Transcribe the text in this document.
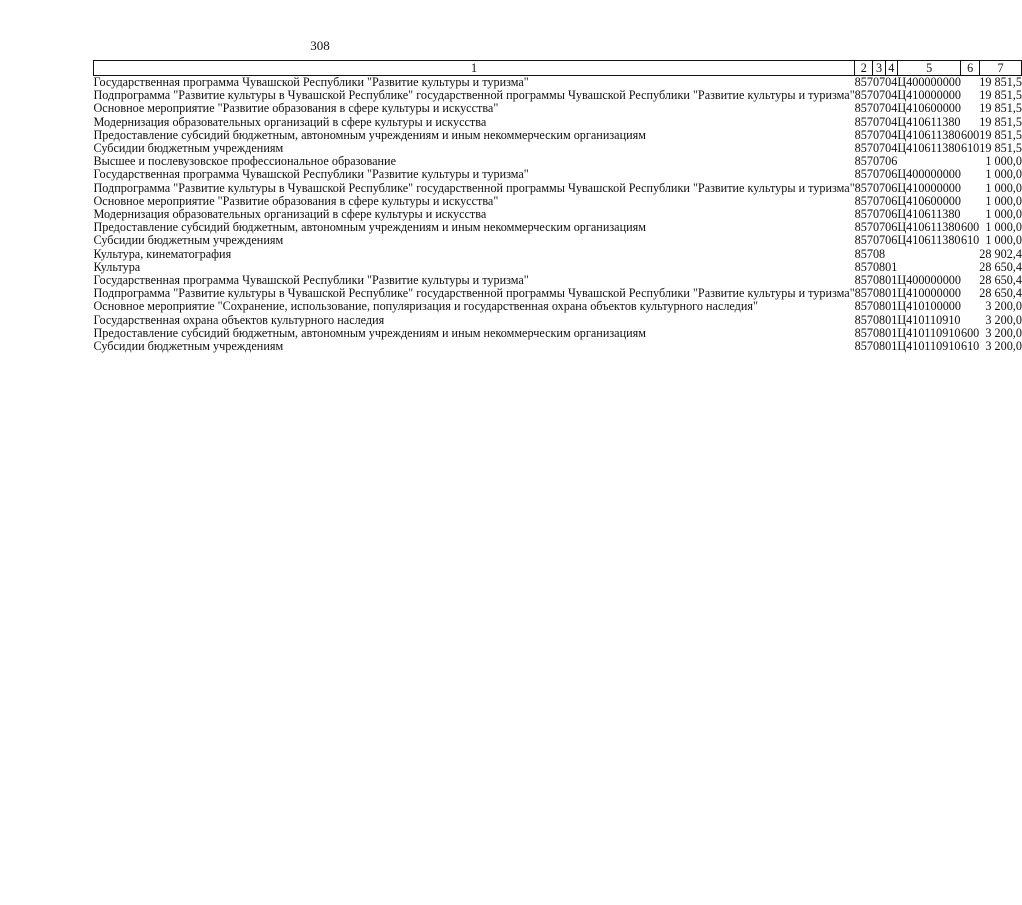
308
1	2	3	4	5	6	7
Государственная программа Чувашской Республики "Развитие культуры и туризма"	857	07	04	Ц400000000		19 851,5
Подпрограмма "Развитие культуры в Чувашской Республике" государственной программы Чувашской Республики "Развитие культуры и туризма"	857	07	04	Ц410000000		19 851,5
Основное мероприятие "Развитие образования в сфере культуры и искусства"	857	07	04	Ц410600000		19 851,5
Модернизация образовательных организаций в сфере культуры и искусства	857	07	04	Ц410611380		19 851,5
Предоставление субсидий бюджетным, автономным учреждениям и иным некоммерческим организациям	857	07	04	Ц410611380	600	19 851,5
Субсидии бюджетным учреждениям	857	07	04	Ц410611380	610	19 851,5
Высшее и послевузовское профессиональное образование	857	07	06			1 000,0
Государственная программа Чувашской Республики "Развитие культуры и туризма"	857	07	06	Ц400000000		1 000,0
Подпрограмма "Развитие культуры в Чувашской Республике" государственной программы Чувашской Республики "Развитие культуры и туризма"	857	07	06	Ц410000000		1 000,0
Основное мероприятие "Развитие образования в сфере культуры и искусства"	857	07	06	Ц410600000		1 000,0
Модернизация образовательных организаций в сфере культуры и искусства	857	07	06	Ц410611380		1 000,0
Предоставление субсидий бюджетным, автономным учреждениям и иным некоммерческим организациям	857	07	06	Ц410611380	600	1 000,0
Субсидии бюджетным учреждениям	857	07	06	Ц410611380	610	1 000,0
Культура, кинематография	857	08				28 902,4
Культура	857	08	01			28 650,4
Государственная программа Чувашской Республики "Развитие культуры и туризма"	857	08	01	Ц400000000		28 650,4
Подпрограмма "Развитие культуры в Чувашской Республике" государственной программы Чувашской Республики "Развитие культуры и туризма"	857	08	01	Ц410000000		28 650,4
Основное мероприятие "Сохранение, использование, популяризация и государственная охрана объектов культурного наследия"	857	08	01	Ц410100000		3 200,0
Государственная охрана объектов культурного наследия	857	08	01	Ц410110910		3 200,0
Предоставление субсидий бюджетным, автономным учреждениям и иным некоммерческим организациям	857	08	01	Ц410110910	600	3 200,0
Субсидии бюджетным учреждениям	857	08	01	Ц410110910	610	3 200,0
